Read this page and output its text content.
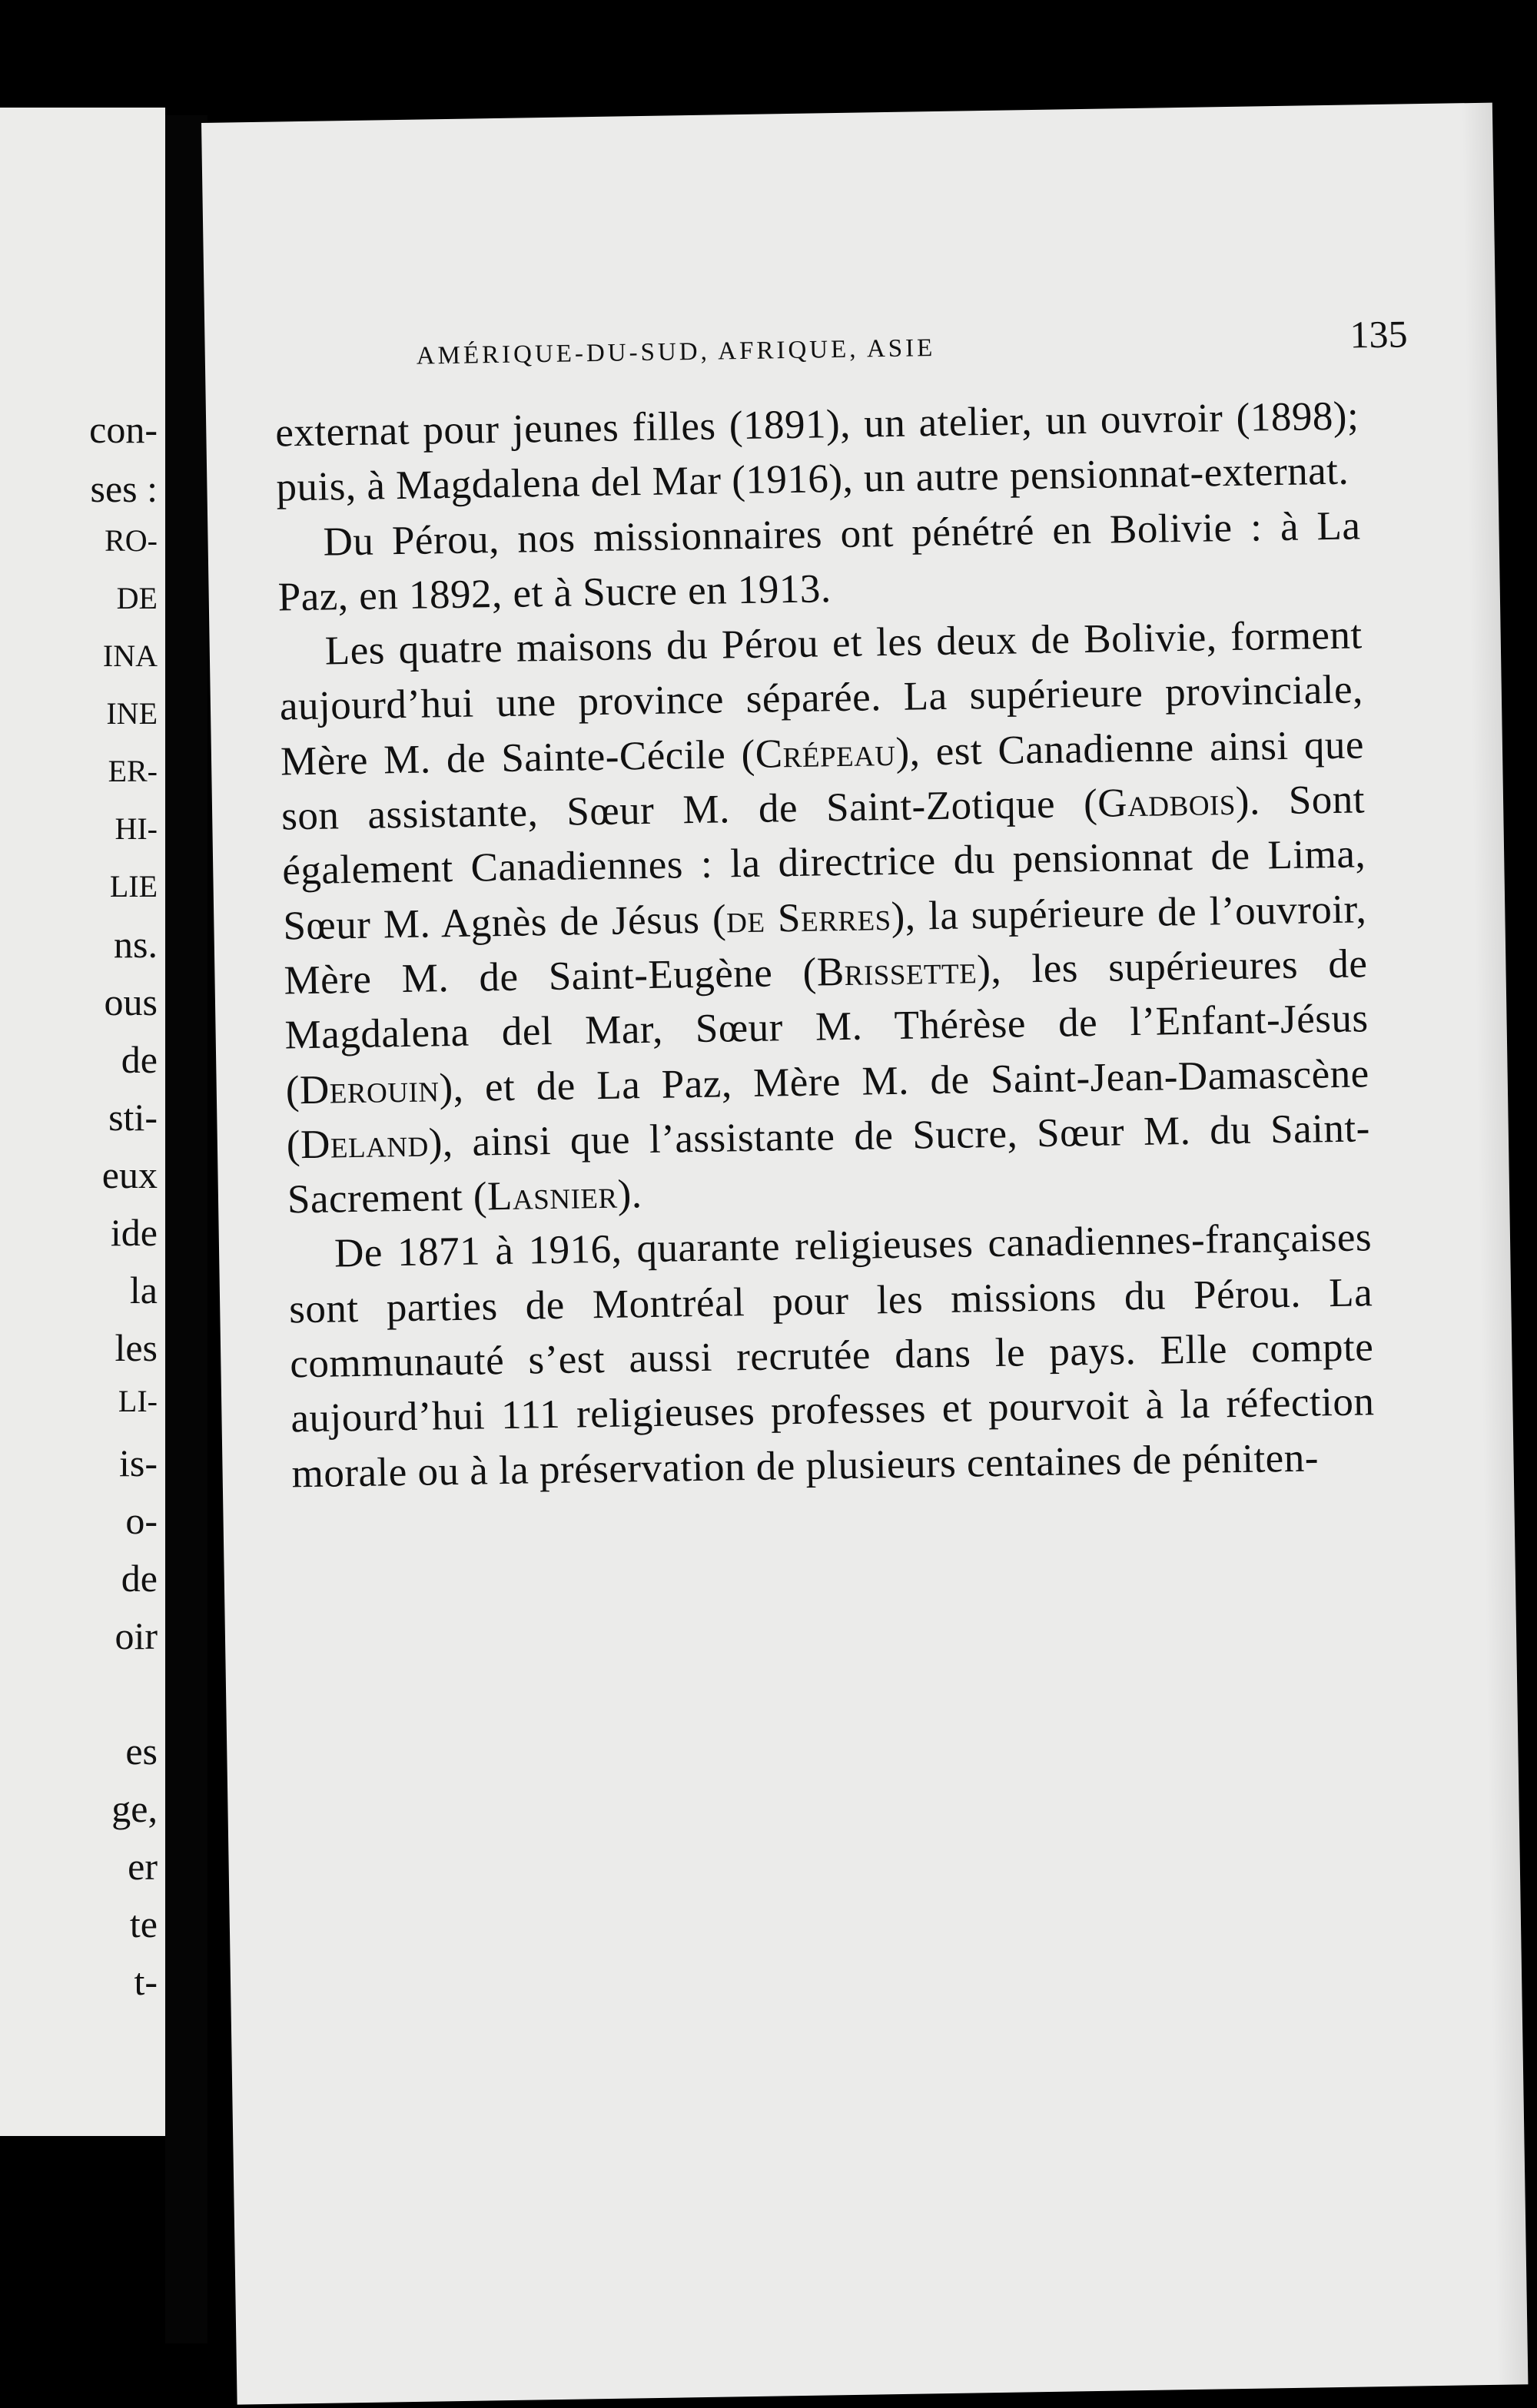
con-
ses :
RO-
DE
INA
INE
ER-
HI-
LIE
ns.
ous
de
sti-
eux
ide
la
les
LI-
is-
o-
de
oir
es
ge,
er
te
t-
AMÉRIQUE-DU-SUD, AFRIQUE, ASIE	135

externat pour jeunes filles (1891), un atelier, un ouvroir (1898); puis, à Magdalena del Mar (1916), un autre pensionnat-externat.

Du Pérou, nos missionnaires ont pénétré en Bolivie : à La Paz, en 1892, et à Sucre en 1913.

Les quatre maisons du Pérou et les deux de Bolivie, forment aujourd’hui une province séparée. La supérieure provinciale, Mère M. de Sainte-Cécile (Crépeau), est Canadienne ainsi que son assistante, Sœur M. de Saint-Zotique (Gadbois). Sont également Canadiennes : la directrice du pensionnat de Lima, Sœur M. Agnès de Jésus (de Serres), la supérieure de l’ouvroir, Mère M. de Saint-Eugène (Brissette), les supérieures de Magdalena del Mar, Sœur M. Thérèse de l’Enfant-Jésus (Derouin), et de La Paz, Mère M. de Saint-Jean-Damascène (Deland), ainsi que l’assistante de Sucre, Sœur M. du Saint-Sacrement (Lasnier).

De 1871 à 1916, quarante religieuses canadiennes-françaises sont parties de Montréal pour les missions du Pérou. La communauté s’est aussi recrutée dans le pays. Elle compte aujourd’hui 111 religieuses professes et pourvoit à la réfection morale ou à la préservation de plusieurs centaines de péniten-
